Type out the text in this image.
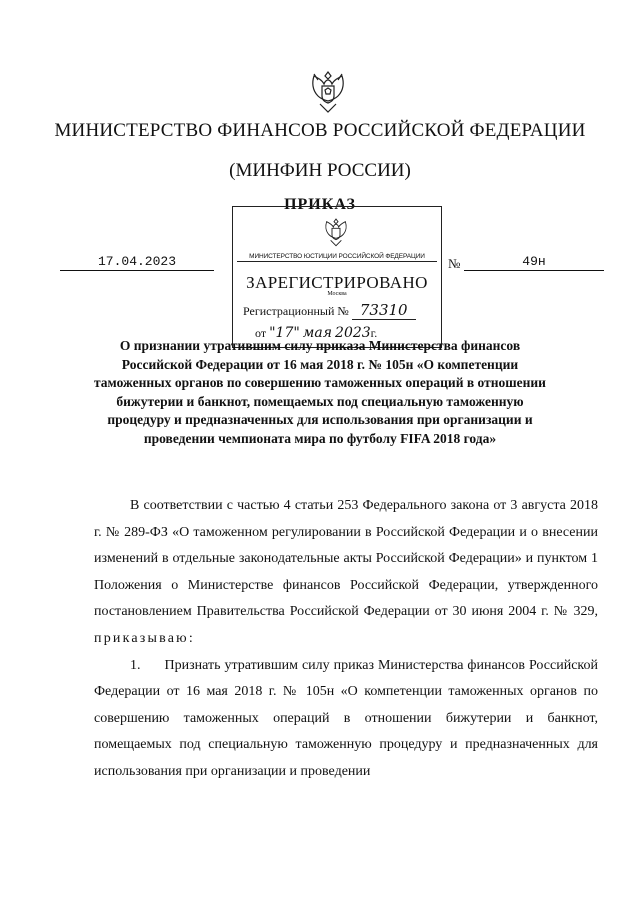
МИНИСТЕРСТВО ФИНАНСОВ РОССИЙСКОЙ ФЕДЕРАЦИИ
(МИНФИН РОССИИ)
ПРИКАЗ
17.04.2023	№	49н
МИНИСТЕРСТВО ЮСТИЦИИ РОССИЙСКОЙ ФЕДЕРАЦИИ
ЗАРЕГИСТРИРОВАНО
Москва
Регистрационный № 73310
от "17" мая 2023г.
О признании утратившим силу приказа Министерства финансов Российской Федерации от 16 мая 2018 г. № 105н «О компетенции таможенных органов по совершению таможенных операций в отношении бижутерии и банкнот, помещаемых под специальную таможенную процедуру и предназначенных для использования при организации и проведении чемпионата мира по футболу FIFA 2018 года»

В соответствии с частью 4 статьи 253 Федерального закона от 3 августа 2018 г. № 289-ФЗ «О таможенном регулировании в Российской Федерации и о внесении изменений в отдельные законодательные акты Российской Федерации» и пунктом 1 Положения о Министерстве финансов Российской Федерации, утвержденного постановлением Правительства Российской Федерации от 30 июня 2004 г. № 329, приказываю:

1.      Признать утратившим силу приказ Министерства финансов Российской Федерации от 16 мая 2018 г. № 105н «О компетенции таможенных органов по совершению таможенных операций в отношении бижутерии и банкнот, помещаемых под специальную таможенную процедуру и предназначенных для использования при организации и проведении
